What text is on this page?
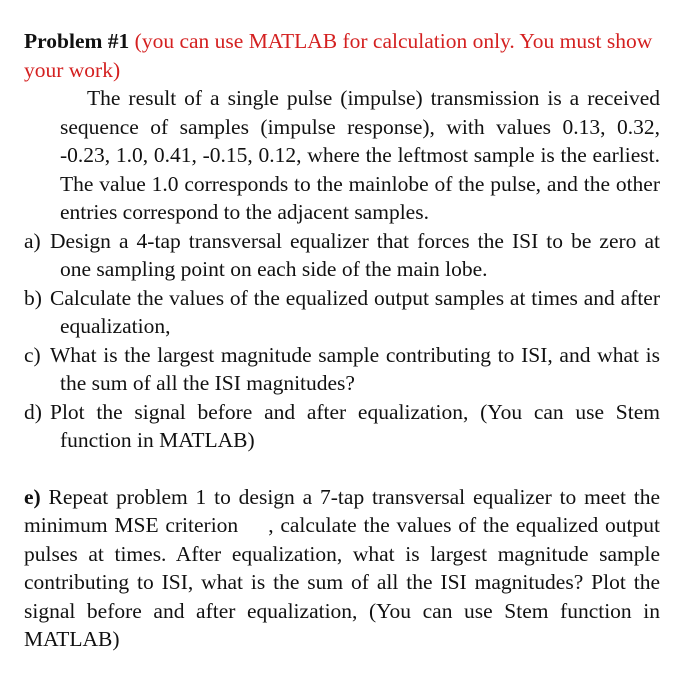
Problem #1 (you can use MATLAB for calculation only. You must show your work)

The result of a single pulse (impulse) transmission is a received sequence of samples (impulse response), with values 0.13, 0.32, -0.23, 1.0, 0.41, -0.15, 0.12, where the leftmost sample is the earliest. The value 1.0 corresponds to the mainlobe of the pulse, and the other entries correspond to the adjacent samples.

a) Design a 4-tap transversal equalizer that forces the ISI to be zero at one sampling point on each side of the main lobe.
b) Calculate the values of the equalized output samples at times and after equalization,
c) What is the largest magnitude sample contributing to ISI, and what is the sum of all the ISI magnitudes?
d) Plot the signal before and after equalization, (You can use Stem function in MATLAB)

e) Repeat problem 1 to design a 7-tap transversal equalizer to meet the minimum MSE criterion , calculate the values of the equalized output pulses at times. After equalization, what is largest magnitude sample contributing to ISI, what is the sum of all the ISI magnitudes? Plot the signal before and after equalization, (You can use Stem function in MATLAB)
